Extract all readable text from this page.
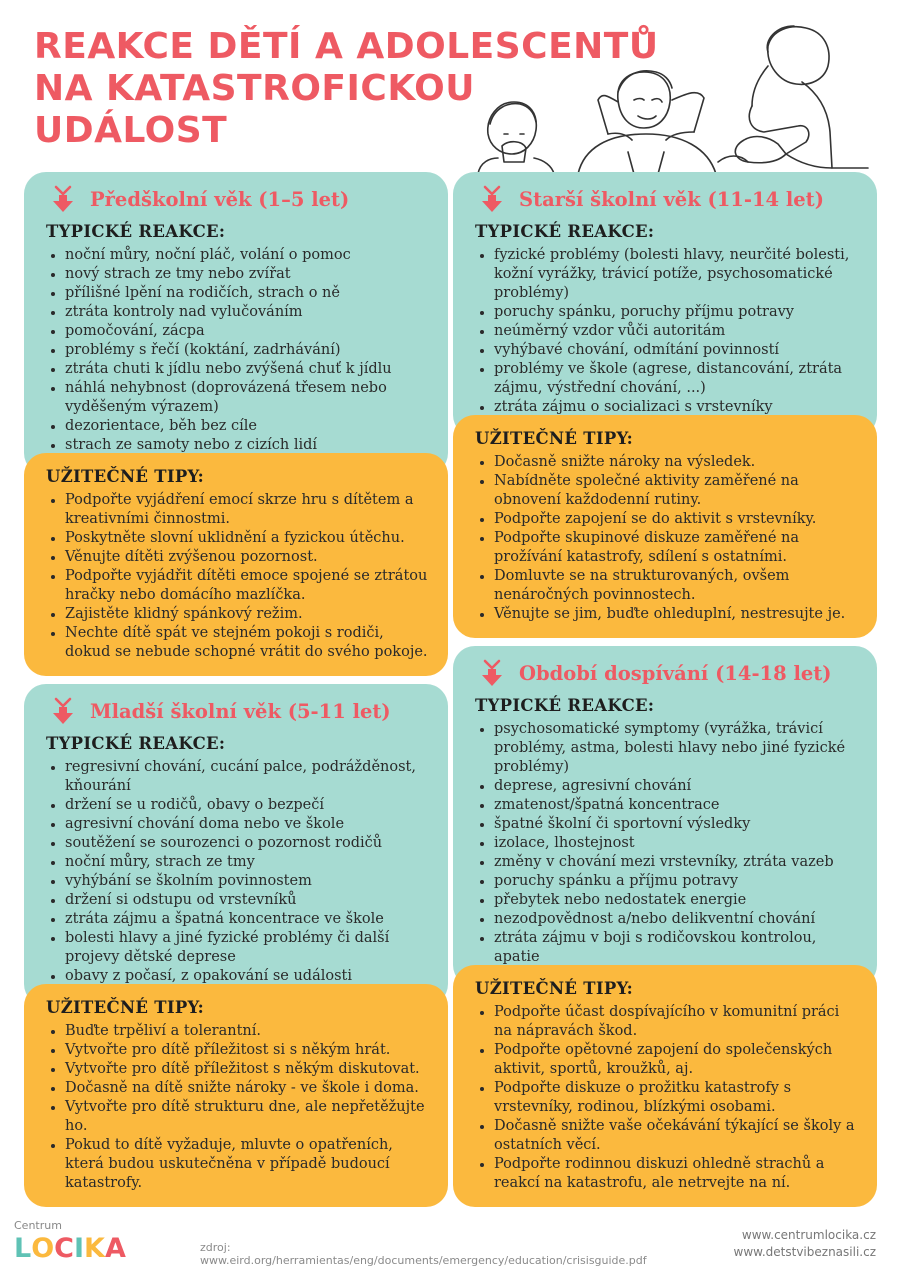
REAKCE DĚTÍ A ADOLESCENTŮ
NA KATASTROFICKOU
UDÁLOST
Předškolní věk (1–5 let)
TYPICKÉ REAKCE:
• noční můry, noční pláč, volání o pomoc
• nový strach ze tmy nebo zvířat
• přílišné lpění na rodičích, strach o ně
• ztráta kontroly nad vylučováním
• pomočování, zácpa
• problémy s řečí (koktání, zadrhávání)
• ztráta chuti k jídlu nebo zvýšená chuť k jídlu
• náhlá nehybnost (doprovázená třesem nebo vyděšeným výrazem)
• dezorientace, běh bez cíle
• strach ze samoty nebo z cizích lidí
UŽITEČNÉ TIPY:
• Podpořte vyjádření emocí skrze hru s dítětem a kreativními činnostmi.
• Poskytněte slovní uklidnění a fyzickou útěchu.
• Věnujte dítěti zvýšenou pozornost.
• Podpořte vyjádřit dítěti emoce spojené se ztrátou hračky nebo domácího mazlíčka.
• Zajistěte klidný spánkový režim.
• Nechte dítě spát ve stejném pokoji s rodiči, dokud se nebude schopné vrátit do svého pokoje.
Mladší školní věk (5-11 let)
TYPICKÉ REAKCE:
• regresivní chování, cucání palce, podrážděnost, kňourání
• držení se u rodičů, obavy o bezpečí
• agresivní chování doma nebo ve škole
• soutěžení se sourozenci o pozornost rodičů
• noční můry, strach ze tmy
• vyhýbání se školním povinnostem
• držení si odstupu od vrstevníků
• ztráta zájmu a špatná koncentrace ve škole
• bolesti hlavy a jiné fyzické problémy či další projevy dětské deprese
• obavy z počasí, z opakování se události
UŽITEČNÉ TIPY:
• Buďte trpěliví a tolerantní.
• Vytvořte pro dítě příležitost si s někým hrát.
• Vytvořte pro dítě příležitost s někým diskutovat.
• Dočasně na dítě snižte nároky - ve škole i doma.
• Vytvořte pro dítě strukturu dne, ale nepřetěžujte ho.
• Pokud to dítě vyžaduje, mluvte o opatřeních, která budou uskutečněna v případě budoucí katastrofy.
Starší školní věk (11-14 let)
TYPICKÉ REAKCE:
• fyzické problémy (bolesti hlavy, neurčité bolesti, kožní vyrážky, trávicí potíže, psychosomatické problémy)
• poruchy spánku, poruchy příjmu potravy
• neúměrný vzdor vůči autoritám
• vyhýbavé chování, odmítání povinností
• problémy ve škole (agrese, distancování, ztráta zájmu, výstřední chování, ...)
• ztráta zájmu o socializaci s vrstevníky
UŽITEČNÉ TIPY:
• Dočasně snižte nároky na výsledek.
• Nabídněte společné aktivity zaměřené na obnovení každodenní rutiny.
• Podpořte zapojení se do aktivit s vrstevníky.
• Podpořte skupinové diskuze zaměřené na prožívání katastrofy, sdílení s ostatními.
• Domluvte se na strukturovaných, ovšem nenáročných povinnostech.
• Věnujte se jim, buďte ohleduplní, nestresujte je.
Období dospívání (14-18 let)
TYPICKÉ REAKCE:
• psychosomatické symptomy (vyrážka, trávicí problémy, astma, bolesti hlavy nebo jiné fyzické problémy)
• deprese, agresivní chování
• zmatenost/špatná koncentrace
• špatné školní či sportovní výsledky
• izolace, lhostejnost
• změny v chování mezi vrstevníky, ztráta vazeb
• poruchy spánku a příjmu potravy
• přebytek nebo nedostatek energie
• nezodpovědnost a/nebo delikventní chování
• ztráta zájmu v boji s rodičovskou kontrolou, apatie
UŽITEČNÉ TIPY:
• Podpořte účast dospívajícího v komunitní práci na nápravách škod.
• Podpořte opětovné zapojení do společenských aktivit, sportů, kroužků, aj.
• Podpořte diskuze o prožitku katastrofy s vrstevníky, rodinou, blízkými osobami.
• Dočasně snižte vaše očekávání týkající se školy a ostatních věcí.
• Podpořte rodinnou diskuzi ohledně strachů a reakcí na katastrofu, ale netrvejte na ní.
Centrum
L O C I K A	zdroj: www.eird.org/herramientas/eng/documents/emergency/education/crisisguide.pdf
www.centrumlocika.cz
www.detstvibeznasili.cz
